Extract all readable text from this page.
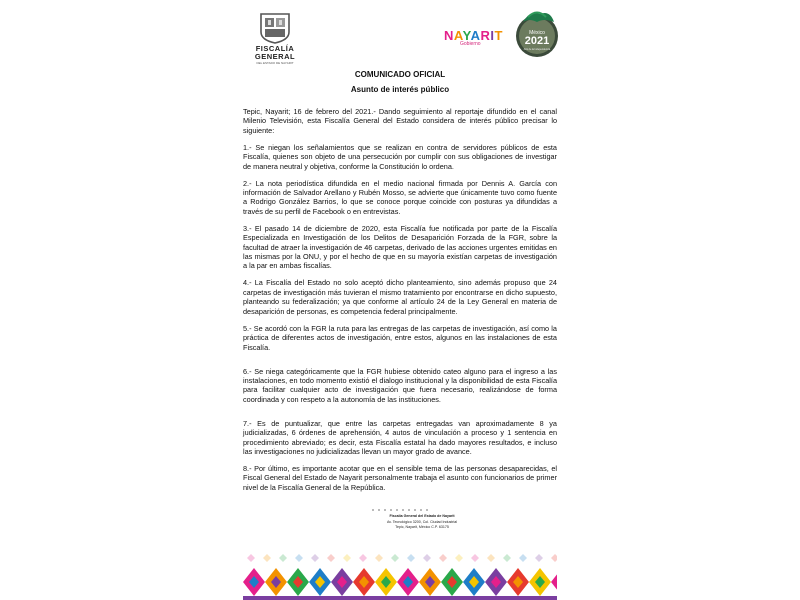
FISCALÍA
GENERAL
DEL ESTADO DE NAYARIT
NAYARIT
Gobierno
México
2021
Año de la Independencia
COMUNICADO OFICIAL
Asunto de interés público

Tepic, Nayarit; 16 de febrero del 2021.- Dando seguimiento al reportaje difundido en el canal Milenio Televisión, esta Fiscalía General del Estado considera de interés público precisar lo siguiente:

1.- Se niegan los señalamientos que se realizan en contra de servidores públicos de esta Fiscalía, quienes son objeto de una persecución por cumplir con sus obligaciones de investigar de manera neutral y objetiva, conforme la Constitución lo ordena.

2.- La nota periodística difundida en el medio nacional firmada por Dennis A. García con información de Salvador Arellano y Rubén Mosso, se advierte que únicamente tuvo como fuente a Rodrigo González Barrios, lo que se conoce porque coincide con posturas ya difundidas a través de su perfil de Facebook o en entrevistas.

3.- El pasado 14 de diciembre de 2020, esta Fiscalía fue notificada por parte de la Fiscalía Especializada en Investigación de los Delitos de Desaparición Forzada de la FGR, sobre la facultad de atraer la investigación de 46 carpetas, derivado de las acciones urgentes emitidas en las mismas por la ONU, y por el hecho de que en su mayoría existían carpetas de investigación a la par en ambas fiscalías.

4.- La Fiscalía del Estado no solo aceptó dicho planteamiento, sino además propuso que 24 carpetas de investigación más tuvieran el mismo tratamiento por encontrarse en dicho supuesto, planteando su federalización; ya que conforme al artículo 24 de la Ley General en materia de desaparición de personas, es competencia federal principalmente.

5.- Se acordó con la FGR la ruta para las entregas de las carpetas de investigación, así como la práctica de diferentes actos de investigación, entre estos, algunos en las instalaciones de esta Fiscalía.

6.- Se niega categóricamente que la FGR hubiese obtenido cateo alguno para el ingreso a las instalaciones, en todo momento existió el dialogo institucional y la disponibilidad de esta Fiscalía para facilitar cualquier acto de investigación que fuera necesario, realizándose de forma coordinada y con respeto a la autonomía de las instituciones.

7.- Es de puntualizar, que entre las carpetas entregadas van aproximadamente 8 ya judicializadas, 6 órdenes de aprehensión, 4 autos de vinculación a proceso y 1 sentencia en procedimiento abreviado; es decir, esta Fiscalía estatal ha dado mayores resultados, e incluso las investigaciones no judicializadas llevan un mayor grado de avance.

8.- Por último, es importante acotar que en el sensible tema de las personas desaparecidas, el Fiscal General del Estado de Nayarit personalmente trabaja el asunto con funcionarios de primer nivel de la Fiscalía General de la República.

Fiscalía General del Estado de Nayarit
Av. Tecnológico 3200, Col. Ciudad Industrial
Tepic, Nayarit, México C.P. 63175
